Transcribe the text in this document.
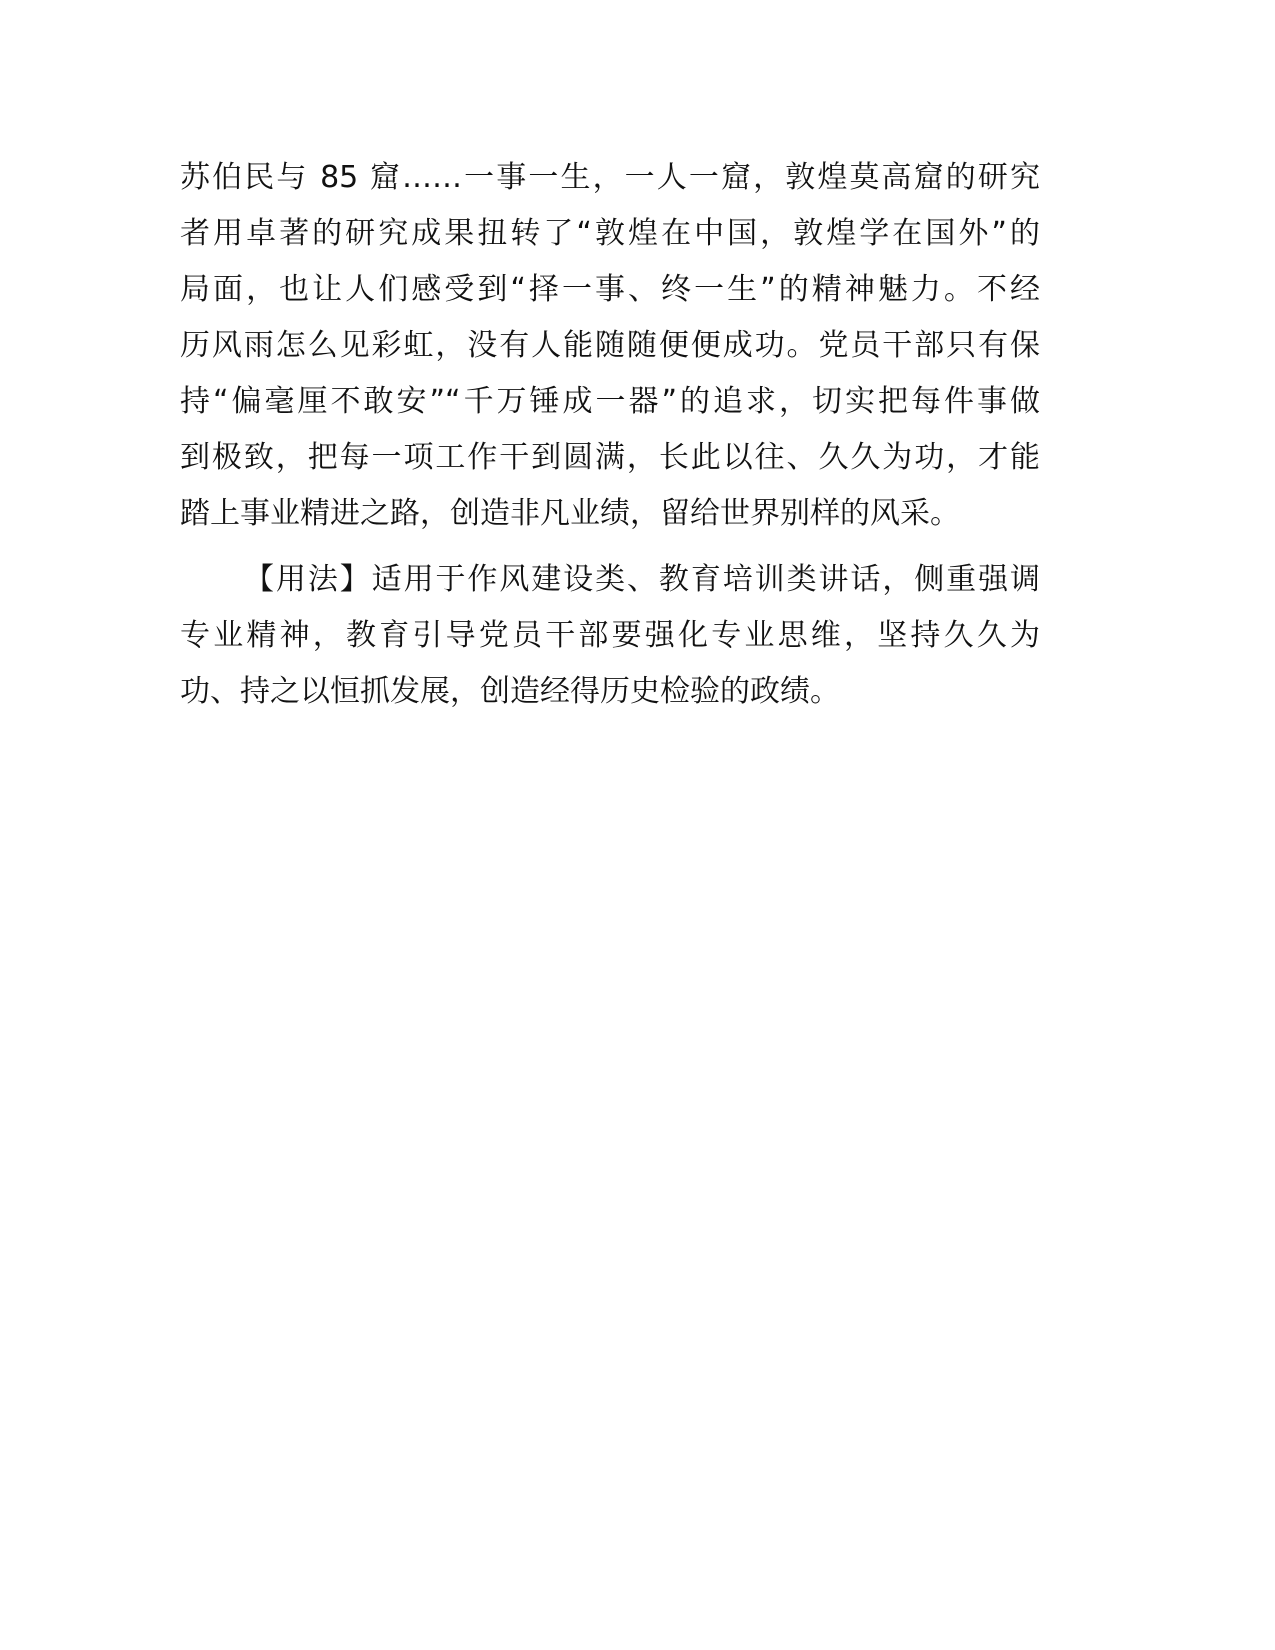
苏伯民与 85 窟……一事一生，一人一窟，敦煌莫高窟的研究
者用卓著的研究成果扭转了“敦煌在中国，敦煌学在国外”的
局面，也让人们感受到“择一事、终一生”的精神魅力。不经
历风雨怎么见彩虹，没有人能随随便便成功。党员干部只有保
持“偏毫厘不敢安”“千万锤成一器”的追求，切实把每件事做
到极致，把每一项工作干到圆满，长此以往、久久为功，才能
踏上事业精进之路，创造非凡业绩，留给世界别样的风采。
【用法】适用于作风建设类、教育培训类讲话，侧重强调
专业精神，教育引导党员干部要强化专业思维，坚持久久为
功、持之以恒抓发展，创造经得历史检验的政绩。
